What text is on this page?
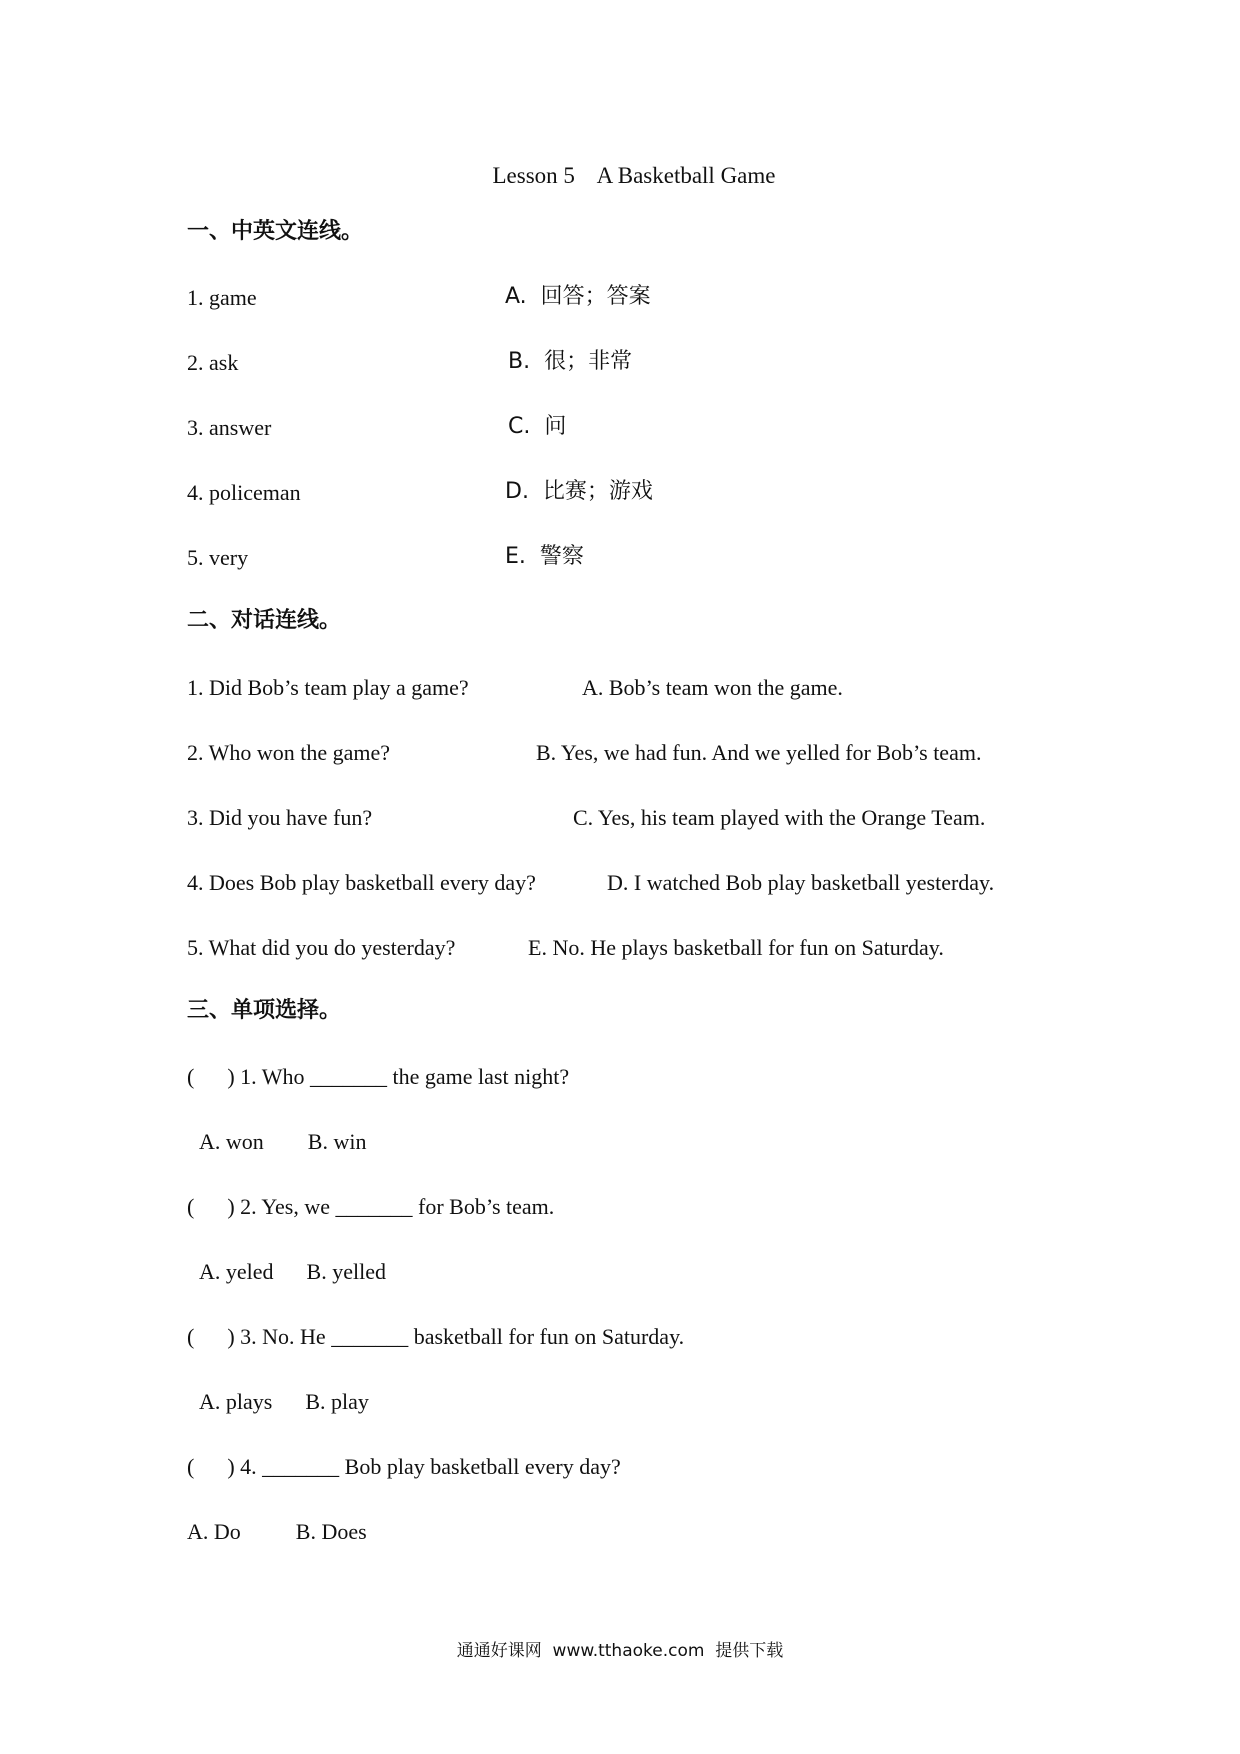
Lesson 5    A Basketball Game
一、中英文连线。
1. game
2. ask
3. answer
4. policeman
5. very
A.  回答；答案
B.  很；非常
C.  问
D.  比赛；游戏
E.  警察
二、对话连线。
1. Did Bob’s team play a game?
2. Who won the game?
3. Did you have fun?
4. Does Bob play basketball every day?
5. What did you do yesterday?
A. Bob’s team won the game.
B. Yes, we had fun. And we yelled for Bob’s team.
C. Yes, his team played with the Orange Team.
D. I watched Bob play basketball yesterday.
E. No. He plays basketball for fun on Saturday.
三、单项选择。
(      ) 1. Who _______ the game last night?
A. won        B. win
(      ) 2. Yes, we _______ for Bob’s team.
A. yeled      B. yelled
(      ) 3. No. He _______ basketball for fun on Saturday.
A. plays      B. play
(      ) 4. _______ Bob play basketball every day?
A. Do          B. Does
通通好课网  www.tthaoke.com  提供下载
